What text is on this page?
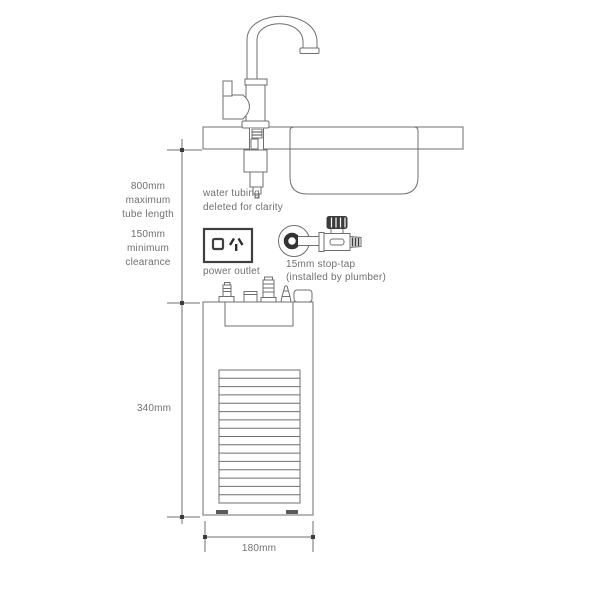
800mm
maximum
tube length
150mm
minimum
clearance
water tubing
deleted for clarity
power outlet
15mm stop-tap
(installed by plumber)
340mm
180mm
